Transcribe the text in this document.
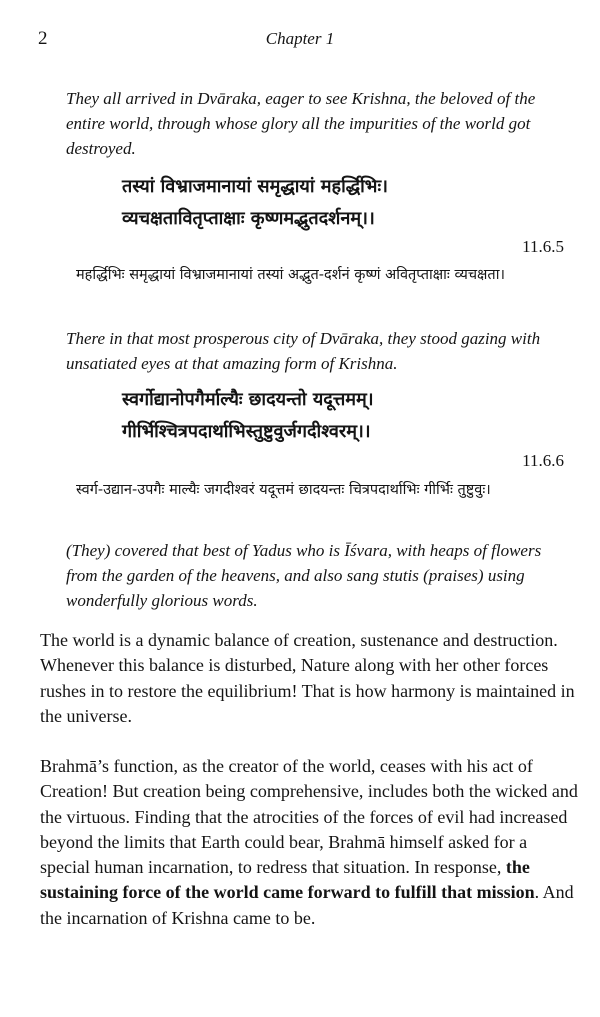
2	Chapter 1

They all arrived in Dvāraka, eager to see Krishna, the beloved of the entire world, through whose glory all the impurities of the world got destroyed.

तस्यां विभ्राजमानायां समृद्धायां महर्द्धिभिः।
व्यचक्षतावितृप्ताक्षाः कृष्णमद्भुतदर्शनम्।।

11.6.5

महर्द्धिभिः समृद्धायां विभ्राजमानायां तस्यां अद्भुत-दर्शनं कृष्णं अवितृप्ताक्षाः व्यचक्षता।

There in that most prosperous city of Dvāraka, they stood gazing with unsatiated eyes at that amazing form of Krishna.

स्वर्गोद्यानोपगैर्माल्यैः छादयन्तो यदूत्तमम्।
गीर्भिश्चित्रपदार्थाभिस्तुष्टुवुर्जगदीश्वरम्।।

11.6.6

स्वर्ग-उद्यान-उपगैः माल्यैः जगदीश्वरं यदूत्तमं छादयन्तः चित्रपदार्थाभिः गीर्भिः तुष्टुवुः।

(They) covered that best of Yadus who is Īśvara, with heaps of flowers from the garden of the heavens, and also sang stutis (praises) using wonderfully glorious words.

The world is a dynamic balance of creation, sustenance and destruction. Whenever this balance is disturbed, Nature along with her other forces rushes in to restore the equilibrium! That is how harmony is maintained in the universe.

Brahmā’s function, as the creator of the world, ceases with his act of Creation! But creation being comprehensive, includes both the wicked and the virtuous. Finding that the atrocities of the forces of evil had increased beyond the limits that Earth could bear, Brahmā himself asked for a special human incarnation, to redress that situation. In response, the sustaining force of the world came forward to fulfill that mission. And the incarnation of Krishna came to be.
